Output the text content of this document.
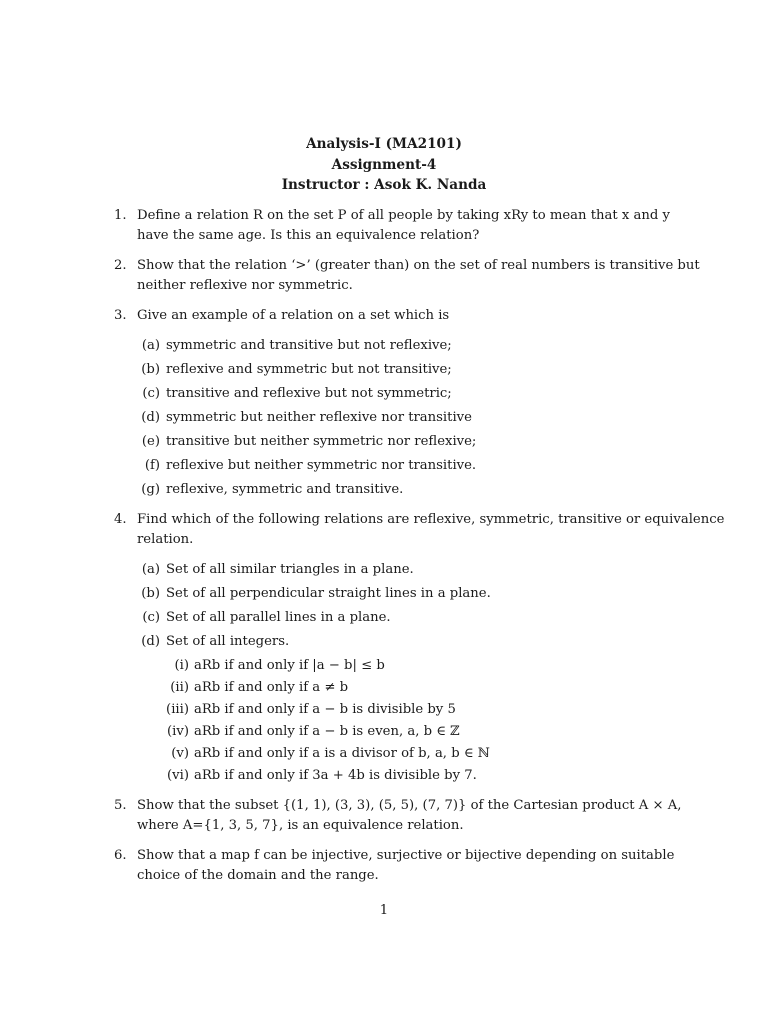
Analysis-I (MA2101)
Assignment-4
Instructor : Asok K. Nanda
1. Define a relation R on the set P of all people by taking xRy to mean that x and y
have the same age. Is this an equivalence relation?
2. Show that the relation ‘>’ (greater than) on the set of real numbers is transitive but
neither reflexive nor symmetric.
3. Give an example of a relation on a set which is
(a) symmetric and transitive but not reflexive;
(b) reflexive and symmetric but not transitive;
(c) transitive and reflexive but not symmetric;
(d) symmetric but neither reflexive nor transitive
(e) transitive but neither symmetric nor reflexive;
(f) reflexive but neither symmetric nor transitive.
(g) reflexive, symmetric and transitive.
4. Find which of the following relations are reflexive, symmetric, transitive or equivalence
relation.
(a) Set of all similar triangles in a plane.
(b) Set of all perpendicular straight lines in a plane.
(c) Set of all parallel lines in a plane.
(d) Set of all integers.
(i) aRb if and only if |a − b| ≤ b
(ii) aRb if and only if a ≠ b
(iii) aRb if and only if a − b is divisible by 5
(iv) aRb if and only if a − b is even, a, b ∈ ℤ
(v) aRb if and only if a is a divisor of b, a, b ∈ ℕ
(vi) aRb if and only if 3a + 4b is divisible by 7.
5. Show that the subset {(1, 1), (3, 3), (5, 5), (7, 7)} of the Cartesian product A × A,
where A={1, 3, 5, 7}, is an equivalence relation.
6. Show that a map f can be injective, surjective or bijective depending on suitable
choice of the domain and the range.
1
